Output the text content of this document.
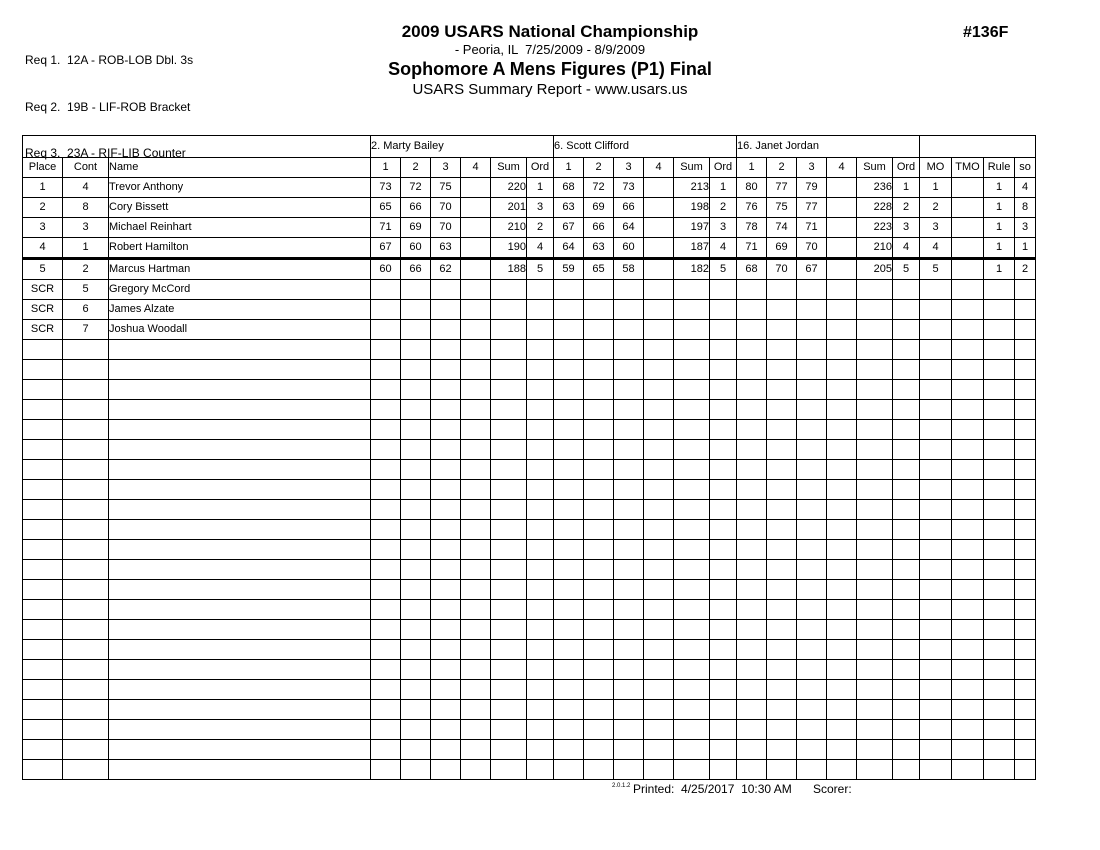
Req 1.  12A - ROB-LOB Dbl. 3s

Req 2.  19B - LIF-ROB Bracket

Req 3.  23A - RIF-LIB Counter

2009 USARS National Championship
- Peoria, IL  7/25/2009 - 8/9/2009
Sophomore A Mens Figures (P1) Final
USARS Summary Report - www.usars.us
#136F
			2. Marty Bailey						6. Scott Clifford						16. Janet Jordan									
Place	Cont	Name	1	2	3	4	Sum	Ord	1	2	3	4	Sum	Ord	1	2	3	4	Sum	Ord	MO	TMO	Rule	so
1	4	Trevor Anthony	73	72	75		220	1	68	72	73		213	1	80	77	79		236	1	1		1	4
2	8	Cory Bissett	65	66	70		201	3	63	69	66		198	2	76	75	77		228	2	2		1	8
3	3	Michael Reinhart	71	69	70		210	2	67	66	64		197	3	78	74	71		223	3	3		1	3
4	1	Robert Hamilton	67	60	63		190	4	64	63	60		187	4	71	69	70		210	4	4		1	1
5	2	Marcus Hartman	60	66	62		188	5	59	65	58		182	5	68	70	67		205	5	5		1	2
SCR	5	Gregory McCord																						
SCR	6	James Alzate																						
SCR	7	Joshua Woodall																						

2.0.1.2 Printed:  4/25/2017  10:30 AM Scorer:
